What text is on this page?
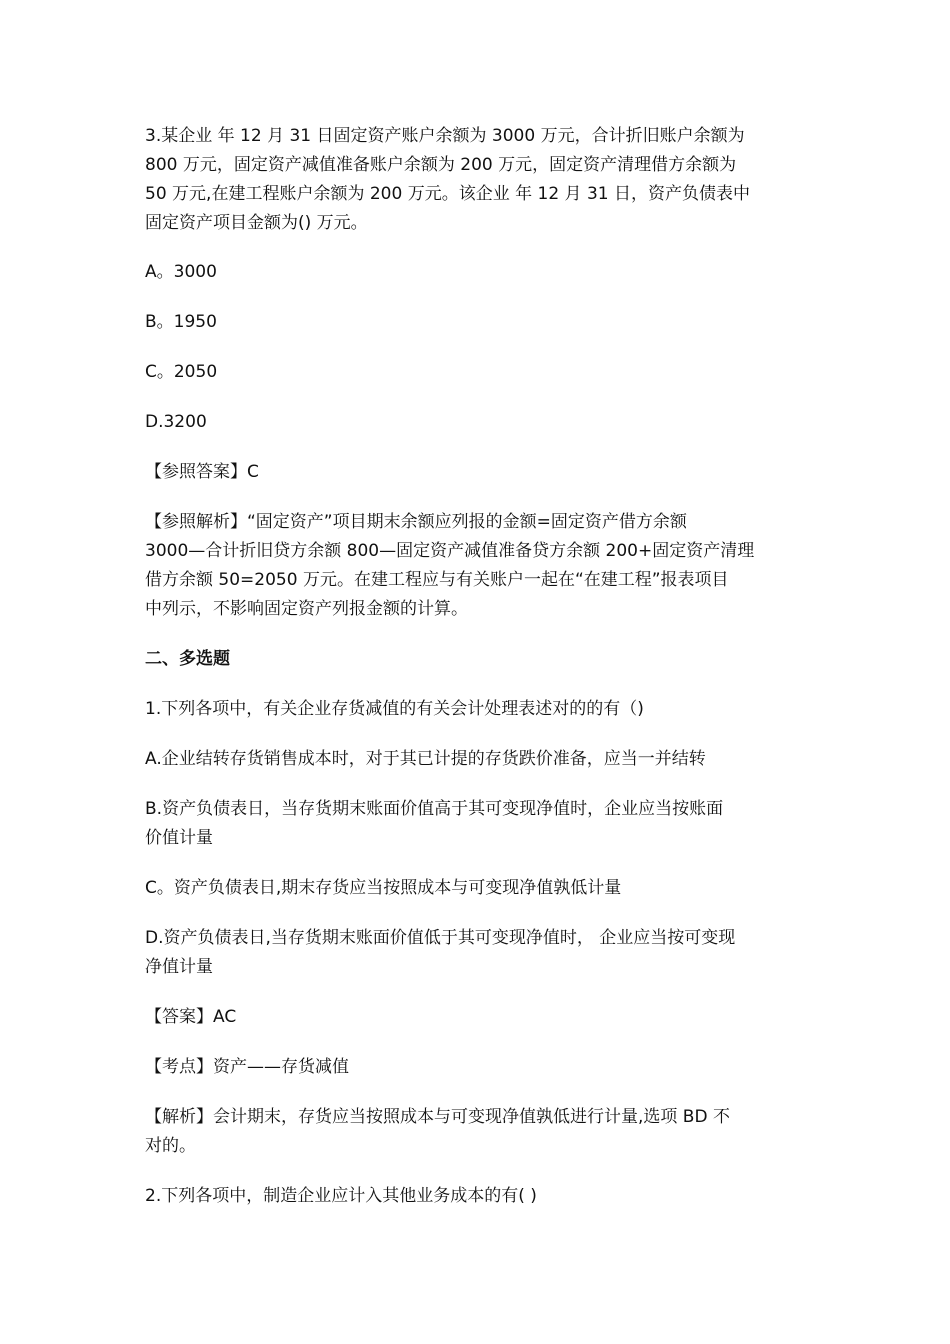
3.某企业 年 12 月 31 日固定资产账户余额为 3000 万元，合计折旧账户余额为
800 万元，固定资产减值准备账户余额为 200 万元，固定资产清理借方余额为
50 万元,在建工程账户余额为 200 万元。该企业 年 12 月 31 日，资产负债表中
固定资产项目金额为() 万元。

A。3000

B。1950

C。2050

D.3200

【参照答案】C

【参照解析】“固定资产”项目期末余额应列报的金额=固定资产借方余额
3000—合计折旧贷方余额 800—固定资产减值准备贷方余额 200+固定资产清理
借方余额 50=2050 万元。在建工程应与有关账户一起在“在建工程”报表项目
中列示，不影响固定资产列报金额的计算。

二、多选题

1.下列各项中，有关企业存货减值的有关会计处理表述对的的有（)

A.企业结转存货销售成本时，对于其已计提的存货跌价准备，应当一并结转

B.资产负债表日，当存货期末账面价值高于其可变现净值时，企业应当按账面
价值计量

C。资产负债表日,期末存货应当按照成本与可变现净值孰低计量

D.资产负债表日,当存货期末账面价值低于其可变现净值时， 企业应当按可变现
净值计量

【答案】AC

【考点】资产——存货减值

【解析】会计期末，存货应当按照成本与可变现净值孰低进行计量,选项 BD 不
对的。

2.下列各项中，制造企业应计入其他业务成本的有( )
